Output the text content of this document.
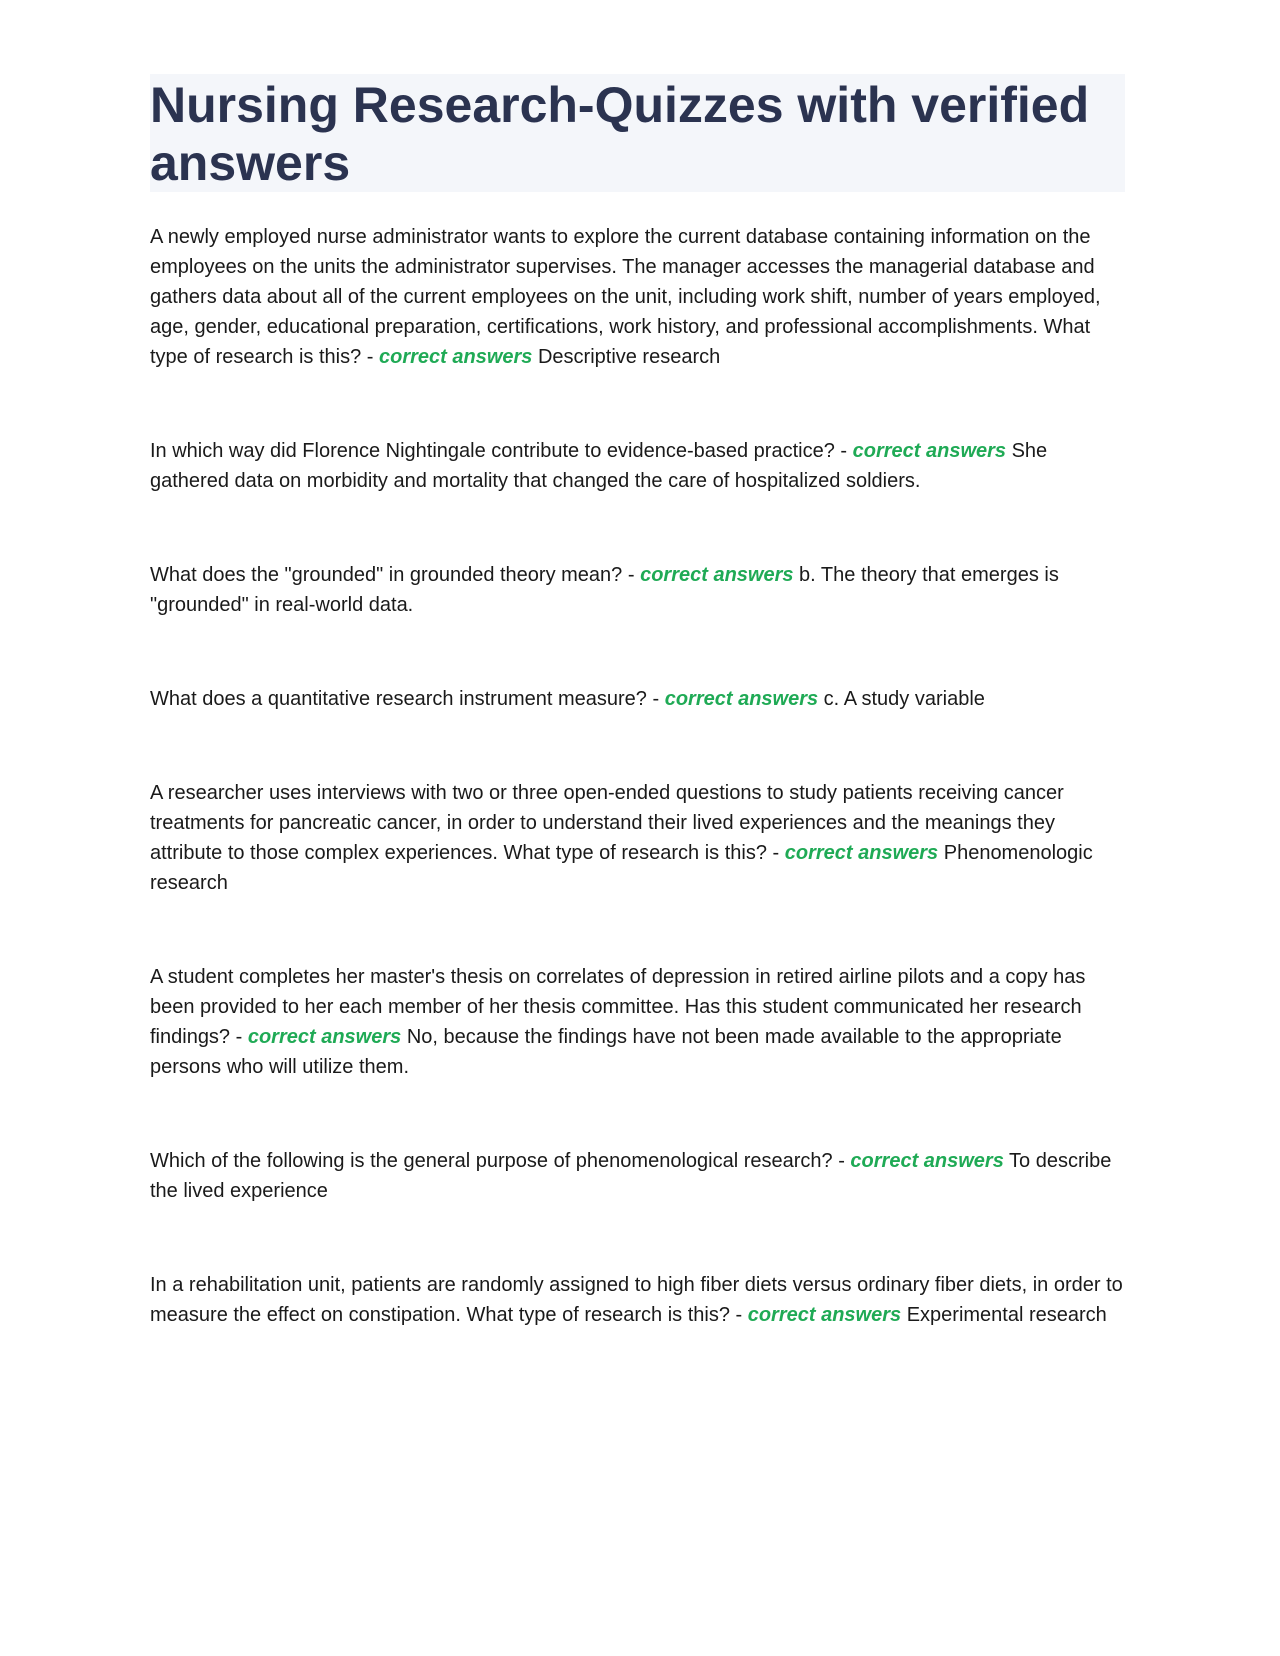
Nursing Research-Quizzes with verified answers

A newly employed nurse administrator wants to explore the current database containing information on the employees on the units the administrator supervises. The manager accesses the managerial database and gathers data about all of the current employees on the unit, including work shift, number of years employed, age, gender, educational preparation, certifications, work history, and professional accomplishments. What type of research is this? - correct answers Descriptive research

In which way did Florence Nightingale contribute to evidence-based practice? - correct answers She gathered data on morbidity and mortality that changed the care of hospitalized soldiers.

What does the "grounded" in grounded theory mean? - correct answers b. The theory that emerges is "grounded" in real-world data.

What does a quantitative research instrument measure? - correct answers c. A study variable

A researcher uses interviews with two or three open-ended questions to study patients receiving cancer treatments for pancreatic cancer, in order to understand their lived experiences and the meanings they attribute to those complex experiences. What type of research is this? - correct answers Phenomenologic research

A student completes her master's thesis on correlates of depression in retired airline pilots and a copy has been provided to her each member of her thesis committee. Has this student communicated her research findings? - correct answers No, because the findings have not been made available to the appropriate persons who will utilize them.

Which of the following is the general purpose of phenomenological research? - correct answers To describe the lived experience

In a rehabilitation unit, patients are randomly assigned to high fiber diets versus ordinary fiber diets, in order to measure the effect on constipation. What type of research is this? - correct answers Experimental research
